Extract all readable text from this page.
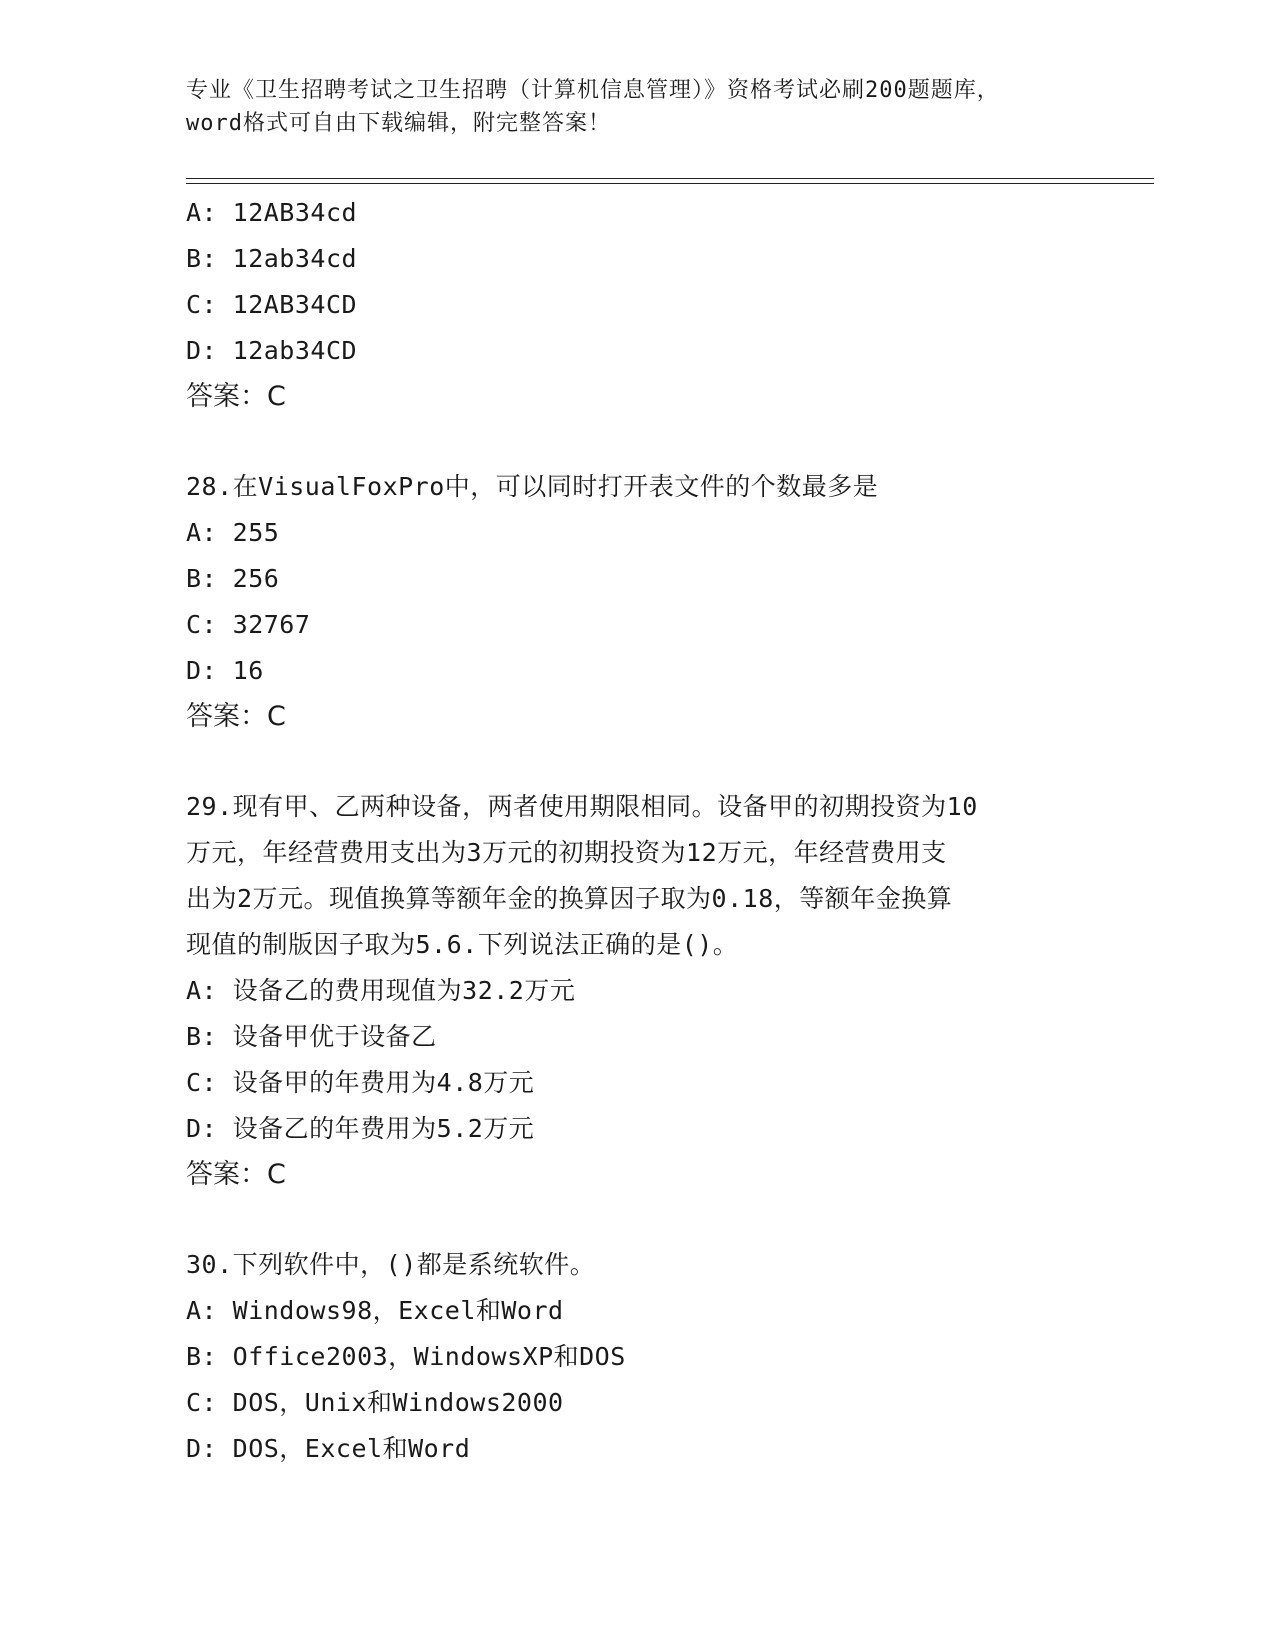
专业《卫生招聘考试之卫生招聘（计算机信息管理）》资格考试必刷200题题库，
word格式可自由下载编辑，附完整答案！
A: 12AB34cd
B: 12ab34cd
C: 12AB34CD
D: 12ab34CD
答案：C
28.在VisualFoxPro中，可以同时打开表文件的个数最多是
A: 255
B: 256
C: 32767
D: 16
答案：C
29.现有甲、乙两种设备，两者使用期限相同。设备甲的初期投资为10
万元，年经营费用支出为3万元的初期投资为12万元，年经营费用支
出为2万元。现值换算等额年金的换算因子取为0.18，等额年金换算
现值的制版因子取为5.6.下列说法正确的是()。
A: 设备乙的费用现值为32.2万元
B: 设备甲优于设备乙
C: 设备甲的年费用为4.8万元
D: 设备乙的年费用为5.2万元
答案：C
30.下列软件中，()都是系统软件。
A: Windows98，Excel和Word
B: Office2003，WindowsXP和DOS
C: DOS，Unix和Windows2000
D: DOS，Excel和Word
